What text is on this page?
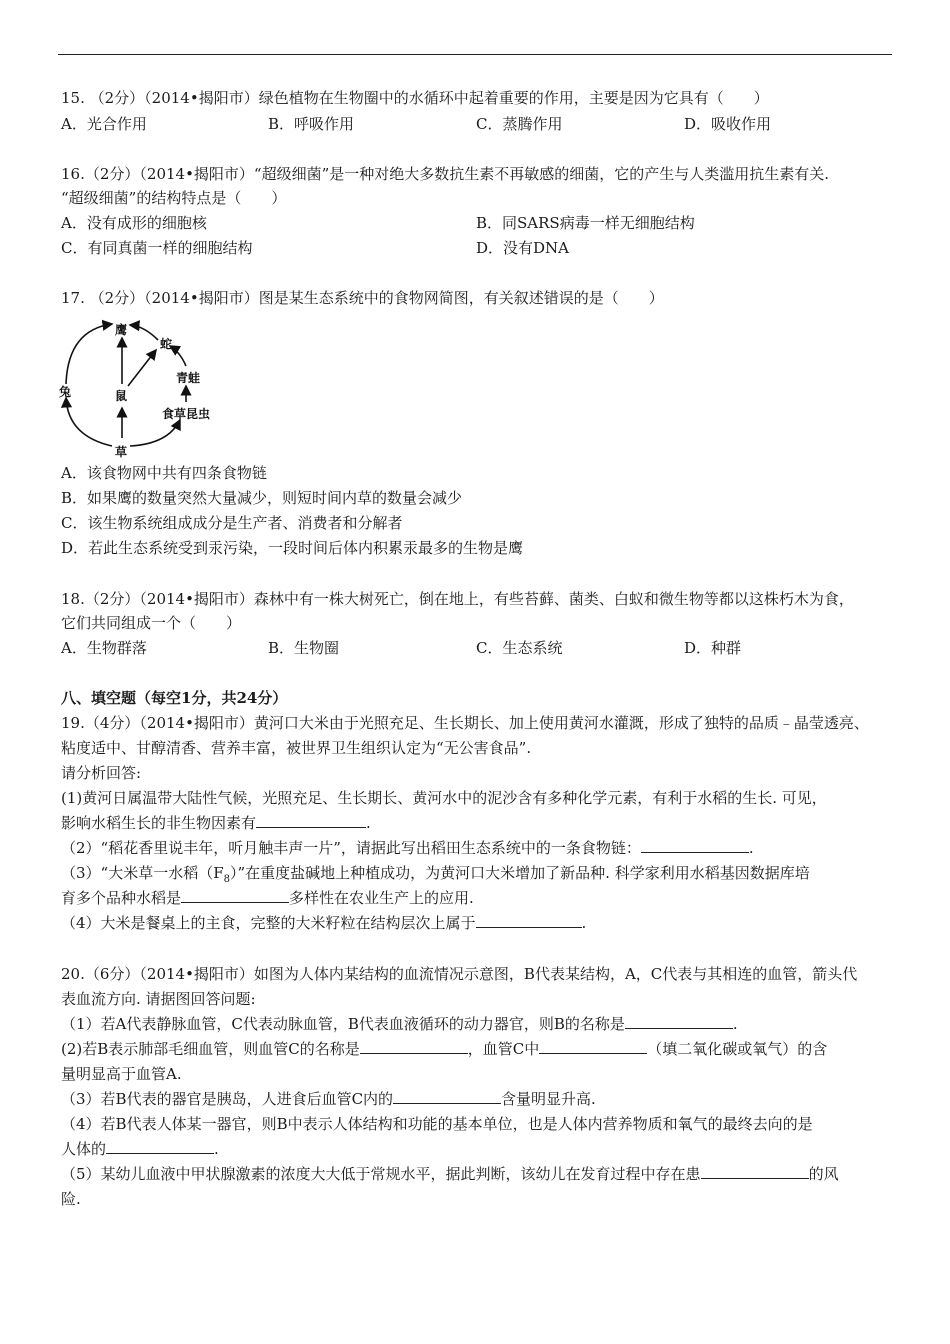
15. （2分）（2014•揭阳市）绿色植物在生物圈中的水循环中起着重要的作用，主要是因为它具有（　　）
A．光合作用	B．呼吸作用	C．蒸腾作用	D．吸收作用
16.（2分）（2014•揭阳市）“超级细菌”是一种对绝大多数抗生素不再敏感的细菌，它的产生与人类滥用抗生素有关.
“超级细菌”的结构特点是（　　）
A．没有成形的细胞核	B．同SARS病毒一样无细胞结构
C．有同真菌一样的细胞结构	D．没有DNA
17. （2分）（2014•揭阳市）图是某生态系统中的食物网简图，有关叙述错误的是（　　）
鹰
蛇
青蛙
食草昆虫
兔	鼠
草
A．该食物网中共有四条食物链
B．如果鹰的数量突然大量减少，则短时间内草的数量会减少
C．该生物系统组成成分是生产者、消费者和分解者
D．若此生态系统受到汞污染，一段时间后体内积累汞最多的生物是鹰
18.（2分）（2014•揭阳市）森林中有一株大树死亡，倒在地上，有些苔藓、菌类、白蚁和微生物等都以这株朽木为食，
它们共同组成一个（　　）
A．生物群落	B．生物圈	C．生态系统	D．种群
八、填空题（每空1分，共24分）
19.（4分）（2014•揭阳市）黄河口大米由于光照充足、生长期长、加上使用黄河水灌溉，形成了独特的品质﹣晶莹透亮、
粘度适中、甘醇清香、营养丰富，被世界卫生组织认定为“无公害食品”.
请分析回答:
(1)黄河日属温带大陆性气候，光照充足、生长期长、黄河水中的泥沙含有多种化学元素，有利于水稻的生长. 可见，
影响水稻生长的非生物因素有	.
（2）“稻花香里说丰年，听月触丰声一片”，请据此写出稻田生态系统中的一条食物链：	.
（3）“大米草一水稻$(F_8)$”在重度盐碱地上种植成功，为黄河口大米增加了新品种. 科学家利用水稻基因数据库培
育多个品种水稻是	多样性在农业生产上的应用.
（4）大米是餐桌上的主食，完整的大米籽粒在结构层次上属于	.
20.（6分）（2014•揭阳市）如图为人体内某结构的血流情况示意图，B代表某结构，A，C代表与其相连的血管，箭头代
表血流方向. 请据图回答问题:
（1）若A代表静脉血管，C代表动脉血管，B代表血液循环的动力器官，则B的名称是	.
(2)若B表示肺部毛细血管，则血管C的名称是	，血管C中	（填二氧化碳或氧气）的含
量明显高于血管A.
（3）若B代表的器官是胰岛，人进食后血管C内的	含量明显升高.
（4）若B代表人体某一器官，则B中表示人体结构和功能的基本单位，也是人体内营养物质和氧气的最终去向的是
人体的	.
（5）某幼儿血液中甲状腺激素的浓度大大低于常规水平，据此判断，该幼儿在发育过程中存在患	的风
险.
